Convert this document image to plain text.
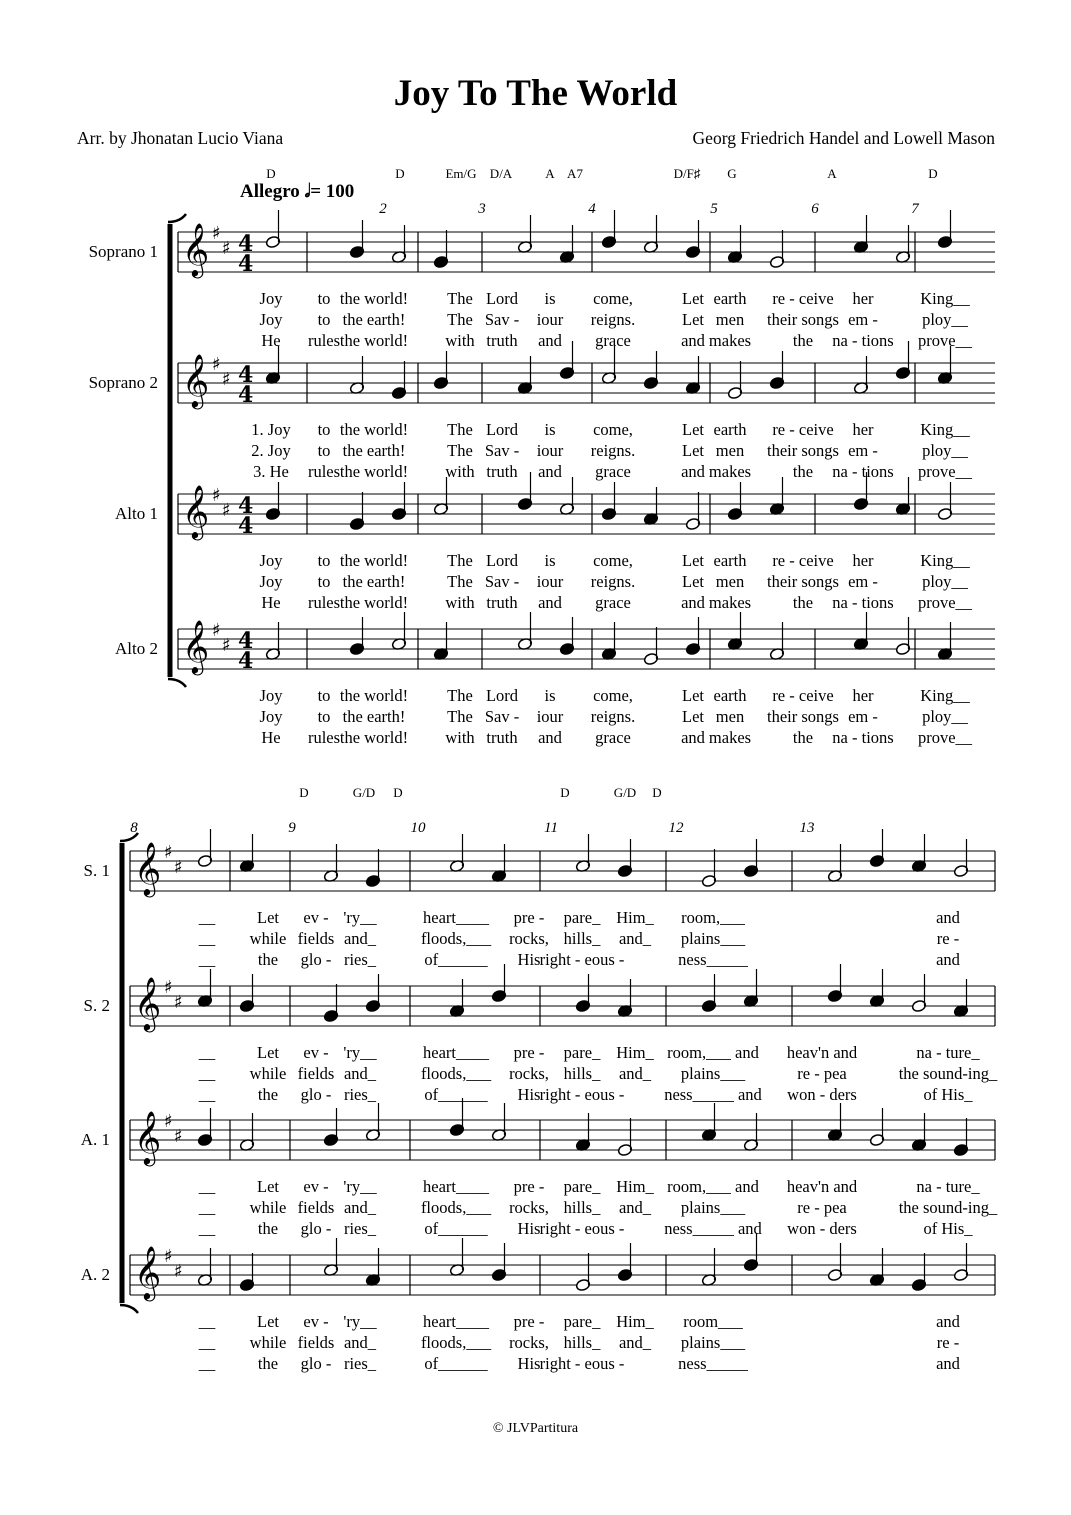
Joy To The World
Arr. by Jhonatan Lucio Viana	Georg Friedrich Handel and Lowell Mason
Allegro 𝅗𝅥= 100
𝄞 ♯
♯ 4
4
𝄞 ♯
♯ 4
4
𝄞 ♯
♯ 4
4
𝄞 ♯
♯ 4
4
𝄞 ♯
♯
𝄞 ♯
♯
𝄞 ♯
♯
𝄞 ♯
♯
D	D	Em/G D/A	A A7	D/F♯ G	A	D
2	3	4	5	6	7
Soprano 1
Joy to the world! The Lord is come,	Let earth re - ceive her	King__
Joy to the earth!	The Sav - iour reigns.	Let men their songs em -	ploy__
He rules the world! with truth and grace	and makes	the na - tions prove__
Soprano 2
1. Joy to the world! The Lord is come,	Let earth re - ceive her	King__
2. Joy to the earth!	The Sav - iour reigns.	Let men their songs em -	ploy__
3. He rules the world! with truth and grace	and makes	the na - tions prove__
Alto 1
Joy to the world! The Lord is come,	Let earth re - ceive her	King__
Joy to the earth!	The Sav - iour reigns.	Let men their songs em -	ploy__
He rules the world! with truth and grace	and makes	the na - tions prove__
Alto 2
Joy to the world! The Lord is come,	Let earth re - ceive her	King__
Joy to the earth!	The Sav - iour reigns.	Let men their songs em -	ploy__
He rules the world! with truth and grace	and makes	the na - tions prove__
D	G/D D	D	G/D D
8	9	10	11	12	13
S. 1
__	Let ev - 'ry__	heart____ pre - pare_ Him_ room,___	and
__ while fields and_	floods,___ rocks, hills_ and_ plains___	re -
__	the glo - ries_	of______ His right - eous -	ness_____	and
S. 2
__	Let ev - 'ry__	heart____ pre - pare_ Him_ room,___ and heav'n and	na - ture_
__ while fields and_	floods,___ rocks, hills_ and_ plains___	re - pea	the sound-ing_
__	the glo - ries_	of______ His right - eous - ness_____ and won - ders	of His_
A. 1
__	Let ev - 'ry__	heart____ pre - pare_ Him_ room,___ and heav'n and	na - ture_
__ while fields and_	floods,___ rocks, hills_ and_ plains___	re - pea	the sound-ing_
__	the glo - ries_	of______ His right - eous - ness_____ and won - ders	of His_
A. 2
__	Let ev - 'ry__	heart____ pre - pare_ Him_ room___	and
__ while fields and_	floods,___ rocks, hills_ and_ plains___	re -
__	the glo - ries_	of______ His right - eous -	ness_____	and
© JLVPartitura
